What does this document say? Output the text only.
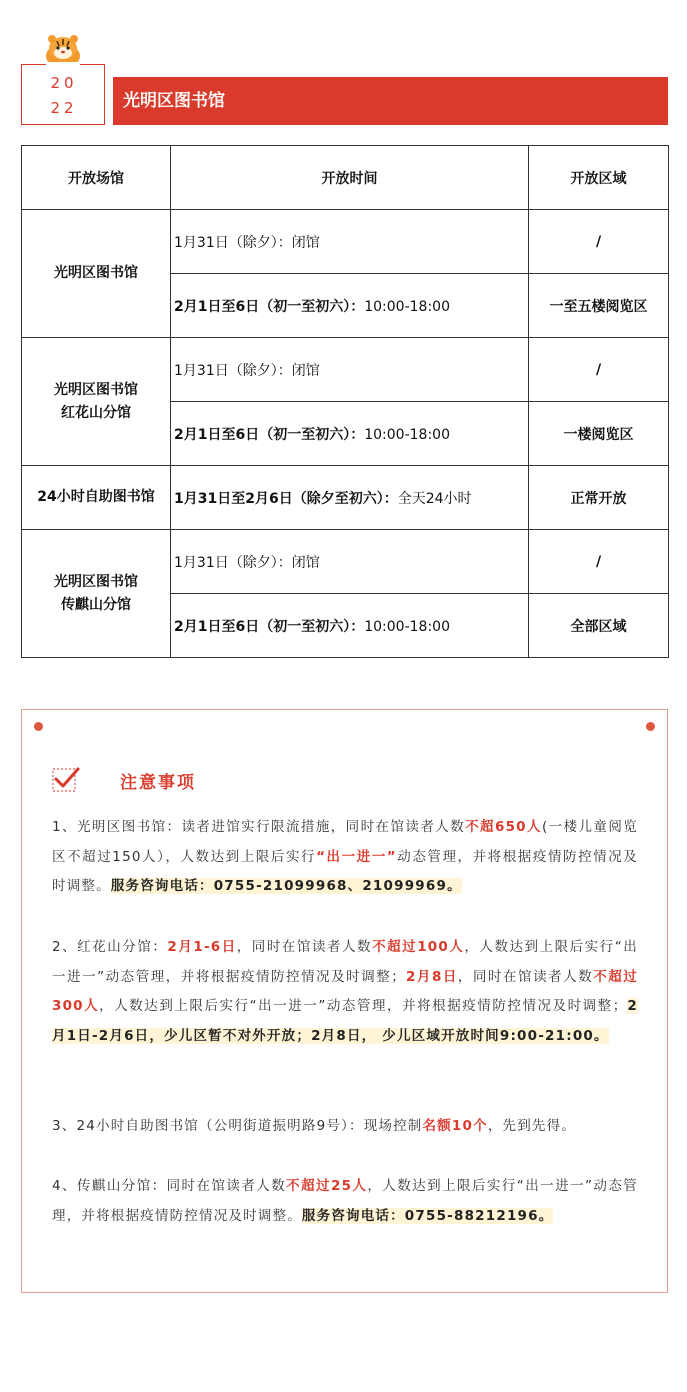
20
22	光明区图书馆
开放场馆	开放时间	开放区域
光明区图书馆	1月31日（除夕）：闭馆	/
	2月1日至6日（初一至初六）：10:00-18:00	一至五楼阅览区
光明区图书馆
红花山分馆	1月31日（除夕）：闭馆	/
	2月1日至6日（初一至初六）：10:00-18:00	一楼阅览区
24小时自助图书馆	1月31日至2月6日（除夕至初六）：全天24小时	正常开放
光明区图书馆
传麒山分馆	1月31日（除夕）：闭馆	/
	2月1日至6日（初一至初六）：10:00-18:00	全部区域
注意事项
1、光明区图书馆：读者进馆实行限流措施，同时在馆读者人数不超650人(一楼儿童阅览区不超过150人），人数达到上限后实行“出一进一”动态管理，并将根据疫情防控情况及时调整。服务咨询电话：0755-21099968、21099969。
2、红花山分馆：2月1-6日，同时在馆读者人数不超过100人，人数达到上限后实行“出一进一”动态管理，并将根据疫情防控情况及时调整；2月8日，同时在馆读者人数不超过300人，人数达到上限后实行“出一进一”动态管理，并将根据疫情防控情况及时调整；2月1日-2月6日，少儿区暂不对外开放；2月8日， 少儿区域开放时间9:00-21:00。
3、24小时自助图书馆（公明街道振明路9号）：现场控制名额10个，先到先得。
4、传麒山分馆：同时在馆读者人数不超过25人，人数达到上限后实行“出一进一”动态管理，并将根据疫情防控情况及时调整。服务咨询电话：0755-88212196。
